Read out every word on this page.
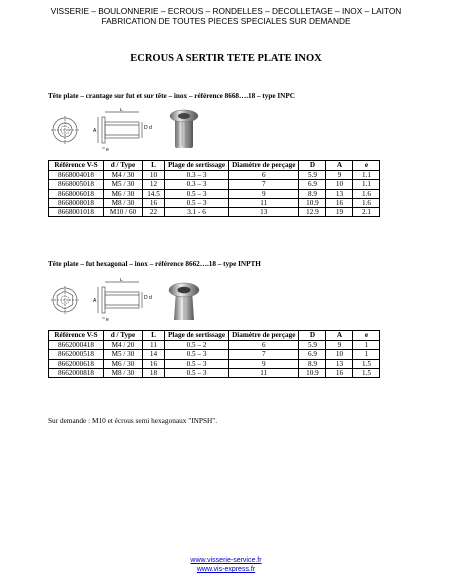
VISSERIE – BOULONNERIE – ECROUS – RONDELLES – DECOLLETAGE – INOX – LAITON
FABRICATION DE TOUTES PIECES SPECIALES SUR DEMANDE
ECROUS A SERTIR TETE PLATE INOX
Tête plate – crantage sur fut et sur tête – inox – référence 8668….18 – type INPC
L
A	D d
e
Référence V-S	d / Type	L	Plage de sertissage	Diamètre de perçage	D	A	e
8668004018	M4 / 30	10	0.3 – 3	6	5.9	9	1.1
8668005018	M5 / 30	12	0.3 – 3	7	6.9	10	1.1
8668006018	M6 / 30	14.5	0.5 – 3	9	8.9	13	1.6
8668008018	M8 / 30	16	0.5 – 3	11	10.9	16	1.6
8668001018	M10 / 60	22	3.1 - 6	13	12.9	19	2.1
Tête plate – fut hexagonal – inox – référence 8662….18 – type INPTH
L
A	D d
e
Référence V-S	d / Type	L	Plage de sertissage	Diamètre de perçage	D	A	e
8662000418	M4 / 20	11	0.5 – 2	6	5.9	9	1
8662000518	M5 / 30	14	0.5 – 3	7	6.9	10	1
8662000618	M6 / 30	16	0.5 – 3	9	8.9	13	1.5
8662000818	M8 / 30	18	0.5 – 3	11	10.9	16	1.5
Sur demande : M10 et écrous semi hexagonaux "INPSH".
www.visserie-service.fr
www.vis-express.fr
